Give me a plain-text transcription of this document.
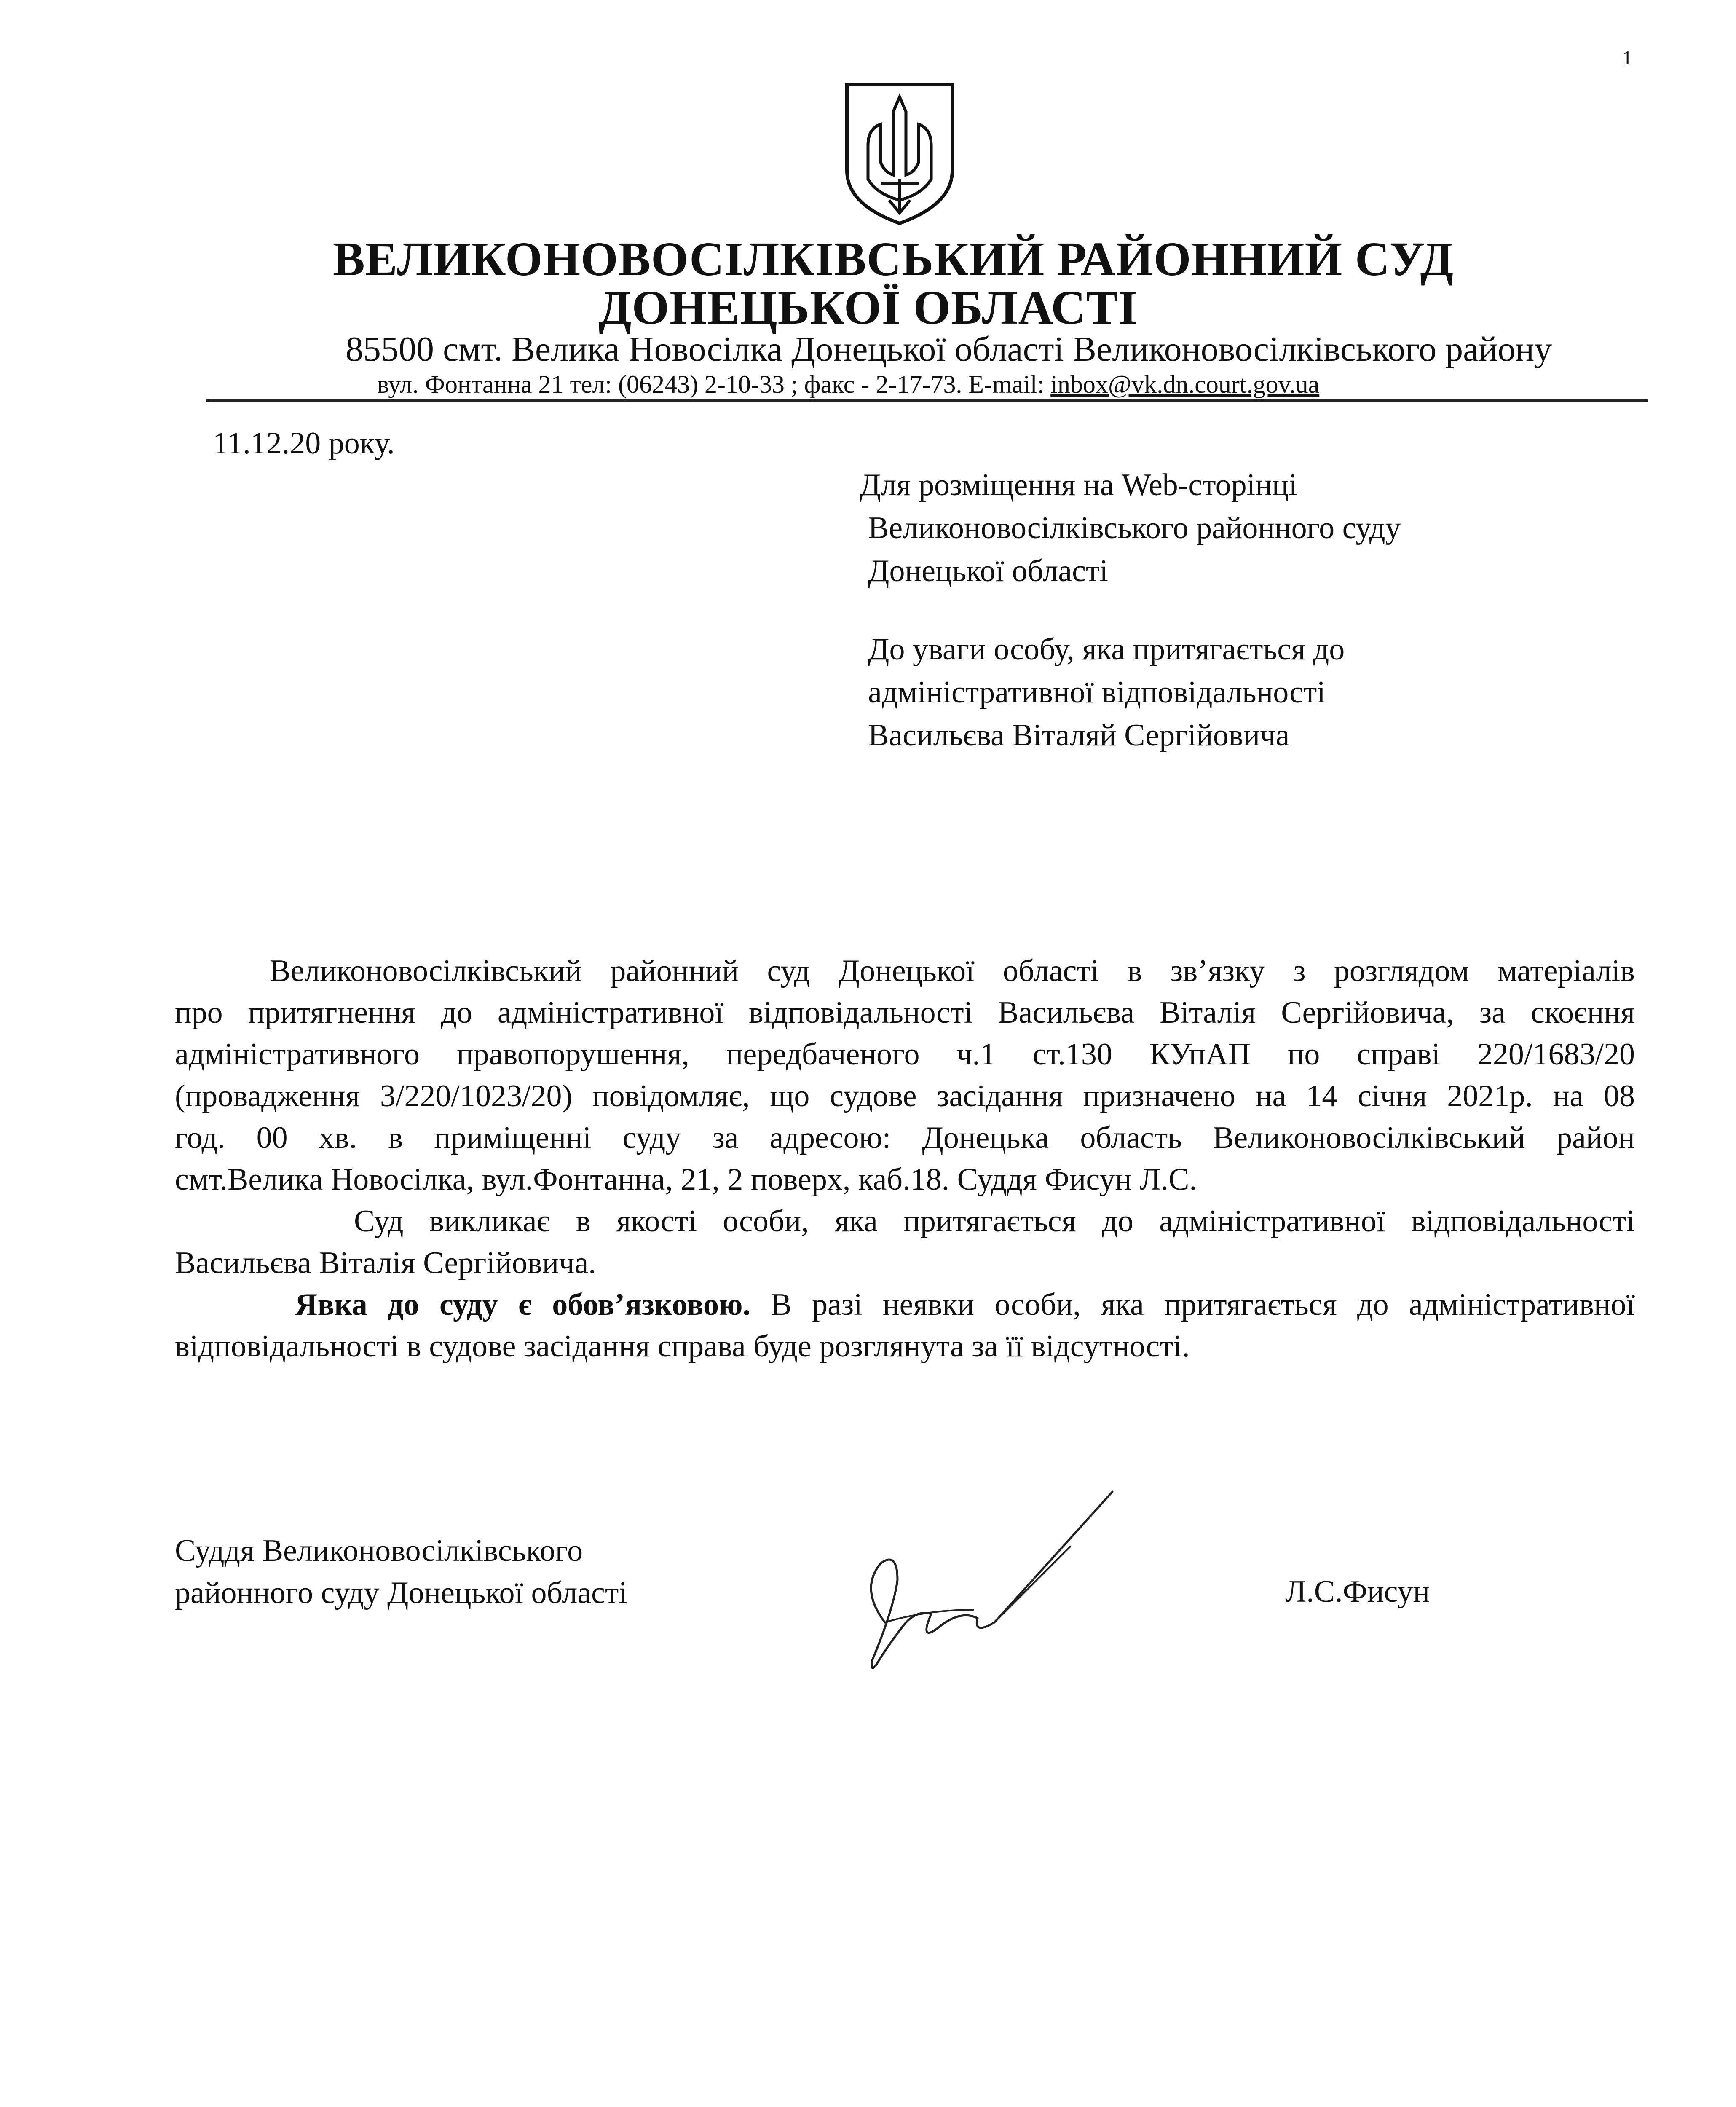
1
ВЕЛИКОНОВОСІЛКІВСЬКИЙ РАЙОННИЙ СУД
ДОНЕЦЬКОЇ ОБЛАСТІ
85500 смт. Велика Новосілка Донецької області Великоновосілківського району
вул. Фонтанна 21 тел: (06243) 2-10-33 ; факс - 2-17-73. E-mail: inbox@vk.dn.court.gov.ua
11.12.20 року.
Для розміщення на Web-сторінці
Великоновосілківського районного суду
Донецької області
До уваги особу, яка притягається до
адміністративної відповідальності
Васильєва Віталяй Сергійовича
Великоновосілківський районний суд Донецької області в зв’язку з розглядом матеріалів
про притягнення до адміністративної відповідальності Васильєва Віталія Сергійовича, за скоєння
адміністративного правопорушення, передбаченого ч.1 ст.130 КУпАП по справі 220/1683/20
(провадження 3/220/1023/20) повідомляє, що судове засідання призначено на 14 січня 2021р. на 08
год. 00 хв. в приміщенні суду за адресою: Донецька область Великоновосілківський район
смт.Велика Новосілка, вул.Фонтанна, 21, 2 поверх, каб.18. Суддя Фисун Л.С.
Суд викликає в якості особи, яка притягається до адміністративної відповідальності
Васильєва Віталія Сергійовича.
Явка до суду є обов’язковою. В разі неявки особи, яка притягається до адміністративної
відповідальності в судове засідання справа буде розглянута за її відсутності.
Суддя Великоновосілківського
районного суду Донецької області	Л.С.Фисун
